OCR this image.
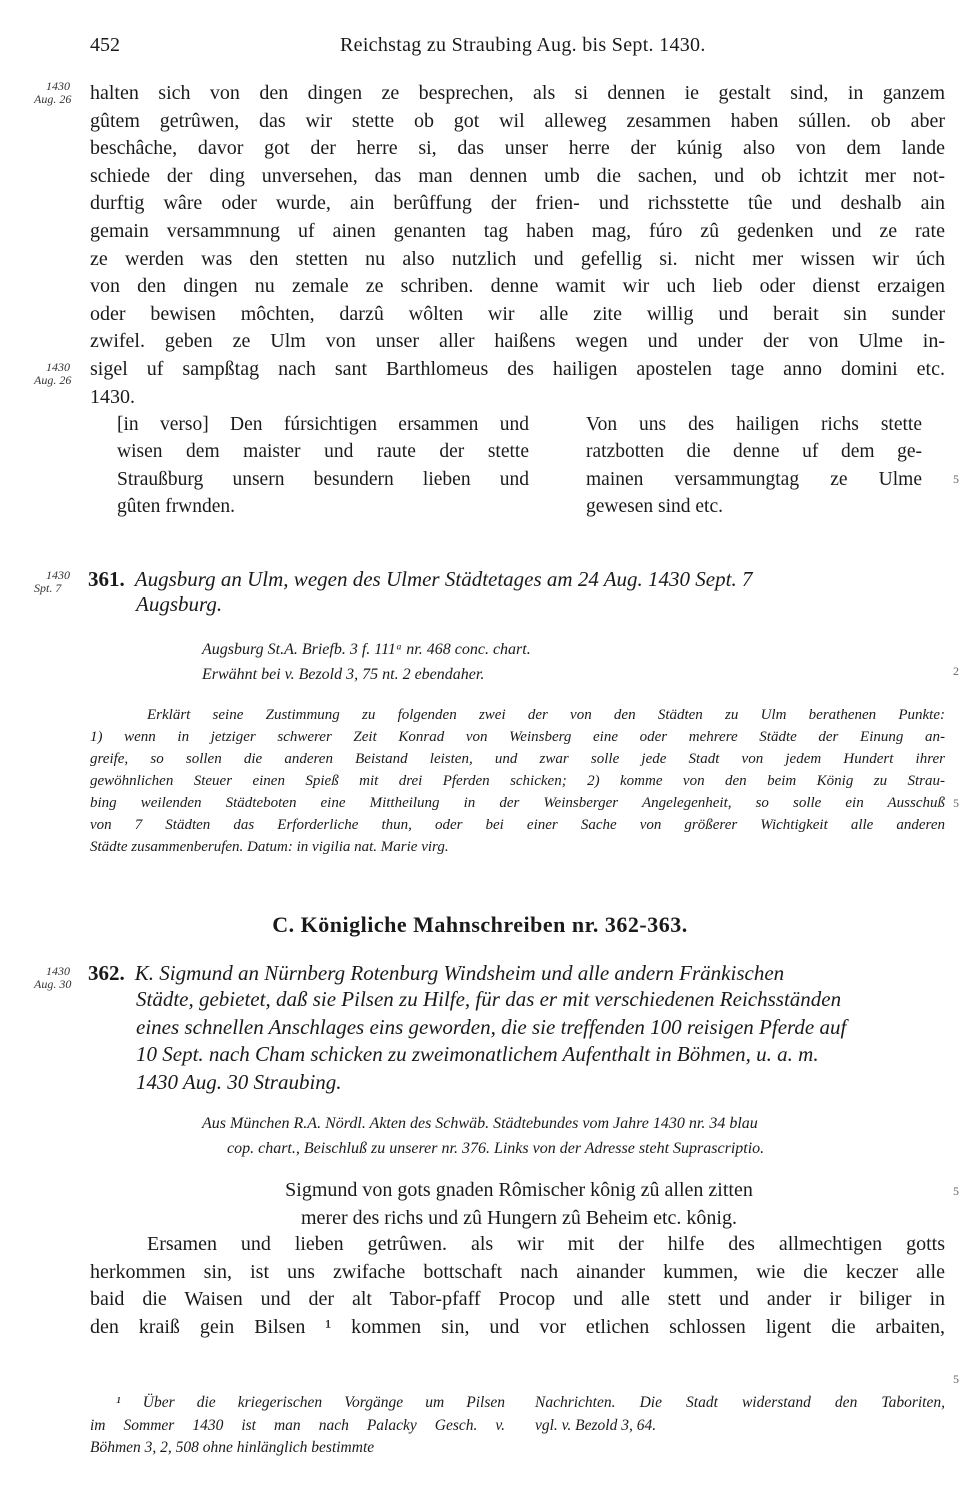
452	Reichstag zu Straubing Aug. bis Sept. 1430.
1430
Aug. 26
1430
Aug. 26
1430
Spt. 7
1430
Aug. 30
halten sich von den dingen ze besprechen, als si dennen ie gestalt sind, in ganzem
gûtem getrûwen, das wir stette ob got wil alleweg zesammen haben súllen. ob aber
beschâche, davor got der herre si, das unser herre der kúnig also von dem lande
schiede der ding unversehen, das man dennen umb die sachen, und ob ichtzit mer not-
durftig wâre oder wurde, ain berûffung der frien- und richsstette tûe und deshalb ain
gemain versammnung uf ainen genanten tag haben mag, fúro zû gedenken und ze rate
ze werden was den stetten nu also nutzlich und gefellig si. nicht mer wissen wir úch
von den dingen nu zemale ze schriben. denne wamit wir uch lieb oder dienst erzaigen
oder bewisen môchten, darzû wôlten wir alle zite willig und berait sin sunder
zwifel. geben ze Ulm von unser aller haißens wegen und under der von Ulme in-
sigel uf sampßtag nach sant Barthlomeus des hailigen apostelen tage anno domini etc.
1430.
[in verso] Den fúrsichtigen ersammen und
wisen dem maister und raute der stette
Straußburg unsern besundern lieben und
gûten frwnden.
Von uns des hailigen richs stette
ratzbotten die denne uf dem ge-
mainen versammungtag ze Ulme
gewesen sind etc.
361. Augsburg an Ulm, wegen des Ulmer Städtetages am 24 Aug. 1430 Sept. 7
Augsburg.
Augsburg St.A. Briefb. 3 f. 111ᵃ nr. 468 conc. chart.
Erwähnt bei v. Bezold 3, 75 nt. 2 ebendaher.
Erklärt seine Zustimmung zu folgenden zwei der von den Städten zu Ulm berathenen Punkte:
1) wenn in jetziger schwerer Zeit Konrad von Weinsberg eine oder mehrere Städte der Einung an-
greife, so sollen die anderen Beistand leisten, und zwar solle jede Stadt von jedem Hundert ihrer
gewöhnlichen Steuer einen Spieß mit drei Pferden schicken; 2) komme von den beim König zu Strau-
bing weilenden Städteboten eine Mittheilung in der Weinsberger Angelegenheit, so solle ein Ausschuß
von 7 Städten das Erforderliche thun, oder bei einer Sache von größerer Wichtigkeit alle anderen
Städte zusammenberufen. Datum: in vigilia nat. Marie virg.
C. Königliche Mahnschreiben nr. 362-363.
362. K. Sigmund an Nürnberg Rotenburg Windsheim und alle andern Fränkischen
Städte, gebietet, daß sie Pilsen zu Hilfe, für das er mit verschiedenen Reichsständen
eines schnellen Anschlages eins geworden, die sie treffenden 100 reisigen Pferde auf
10 Sept. nach Cham schicken zu zweimonatlichem Aufenthalt in Böhmen, u. a. m.
1430 Aug. 30 Straubing.
Aus München R.A. Nördl. Akten des Schwäb. Städtebundes vom Jahre 1430 nr. 34 blau
cop. chart., Beischluß zu unserer nr. 376. Links von der Adresse steht Suprascriptio.
Sigmund von gots gnaden Rômischer kônig zû allen zitten
merer des richs und zû Hungern zû Beheim etc. kônig.
Ersamen und lieben getrûwen. als wir mit der hilfe des allmechtigen gotts
herkommen sin, ist uns zwifache bottschaft nach ainander kummen, wie die keczer alle
baid die Waisen und der alt Tabor-pfaff Procop und alle stett und ander ir biliger in
den kraiß gein Bilsen ¹ kommen sin, und vor etlichen schlossen ligent die arbaiten,
¹ Über die kriegerischen Vorgänge um Pilsen
im Sommer 1430 ist man nach Palacky Gesch. v.
Böhmen 3, 2, 508 ohne hinlänglich bestimmte
Nachrichten. Die Stadt widerstand den Taboriten,
vgl. v. Bezold 3, 64.
5
2
5
5
5
